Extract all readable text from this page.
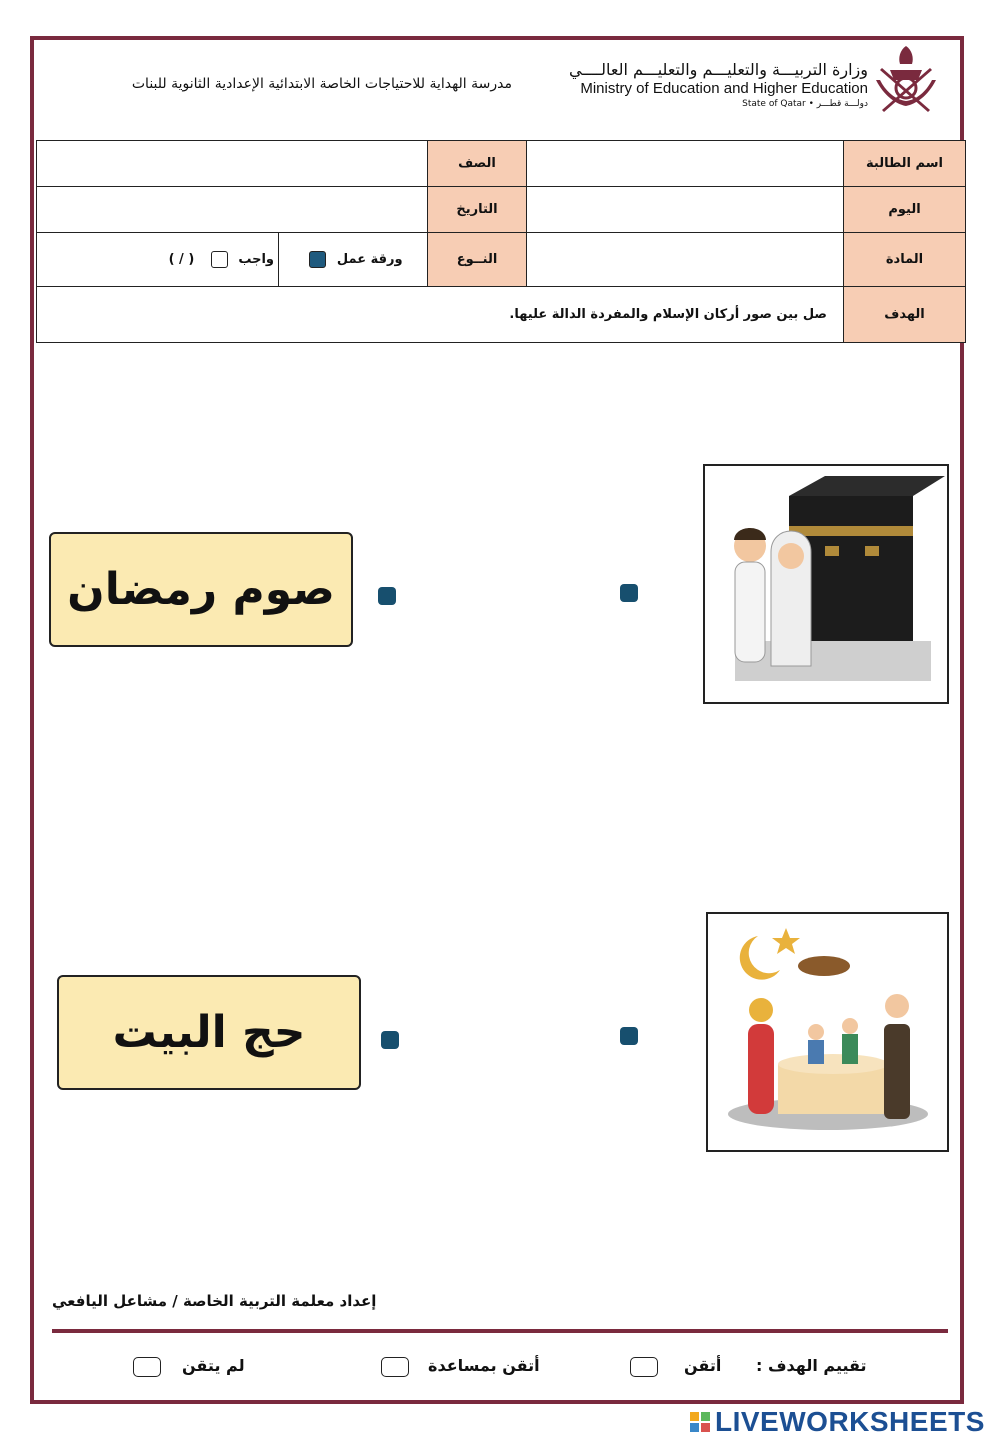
مدرسة الهداية للاحتياجات الخاصة الابتدائية الإعدادية الثانوية للبنات
وزارة التربيـــة والتعليـــم والتعليـــم العالــــي
Ministry of Education and Higher Education
State of Qatar • دولـــة قطـــر
اسم الطالبة		الصف		
اليوم		التاريخ		
المادة		النــوع	ورقة عمل	واجب  ( / )
الهدف	صل بين صور أركان الإسلام والمفردة الدالة عليها.			
صوم رمضان
حج البيت
إعداد معلمة التربية الخاصة / مشاعل اليافعي
تقييم الهدف :
أتقن
أتقن بمساعدة
لم يتقن
LIVEWORKSHEETS
